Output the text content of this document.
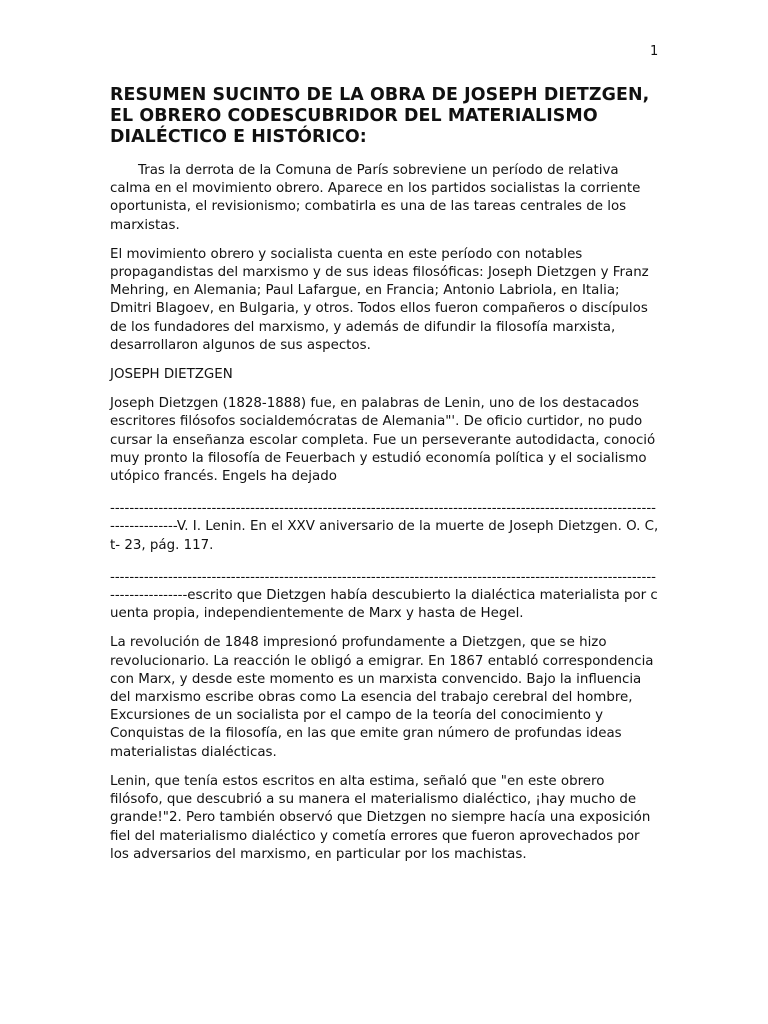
1
RESUMEN SUCINTO DE LA OBRA DE JOSEPH DIETZGEN, EL OBRERO CODESCUBRIDOR DEL MATERIALISMO DIALÉCTICO E HISTÓRICO:

Tras la derrota de la Comuna de París sobreviene un período de relativa calma en el movimiento obrero. Aparece en los partidos socialistas la corriente oportunista, el revisionismo; combatirla es una de las tareas centrales de los marxistas.

El movimiento obrero y socialista cuenta en este período con notables propagandistas del marxismo y de sus ideas filosóficas: Joseph Dietzgen y Franz Mehring, en Alemania; Paul Lafargue, en Francia; Antonio Labriola, en Italia; Dmitri Blagoev, en Bulgaria, y otros. Todos ellos fueron compañeros o discípulos de los fundadores del marxismo, y además de difundir la filosofía marxista, desarrollaron algunos de sus aspectos.

JOSEPH DIETZGEN

Joseph Dietzgen (1828-1888) fue, en palabras de Lenin, uno de los destacados escritores filósofos socialdemócratas de Alemania"'. De oficio curtidor, no pudo cursar la enseñanza escolar completa. Fue un perseverante autodidacta, conoció muy pronto la filosofía de Feuerbach y estudió economía política y el socialismo utópico francés. Engels ha dejado

-------------------------------------------------------------------------------------------------------------------------------V. I. Lenin. En el XXV aniversario de la muerte de Joseph Dietzgen. O. C, t- 23, pág. 117.

---------------------------------------------------------------------------------------------------------------------------------escrito que Dietzgen había descubierto la dialéctica materialista por cuenta propia, independientemente de Marx y hasta de Hegel.

La revolución de 1848 impresionó profundamente a Dietzgen, que se hizo revolucionario. La reacción le obligó a emigrar. En 1867 entabló correspondencia con Marx, y desde este momento es un marxista convencido. Bajo la influencia del marxismo escribe obras como La esencia del trabajo cerebral del hombre, Excursiones de un socialista por el campo de la teoría del conocimiento y Conquistas de la filosofía, en las que emite gran número de profundas ideas materialistas dialécticas.

Lenin, que tenía estos escritos en alta estima, señaló que "en este obrero filósofo, que descubrió a su manera el materialismo dialéctico, ¡hay mucho de grande!"2. Pero también observó que Dietzgen no siempre hacía una exposición fiel del materialismo dialéctico y cometía errores que fueron aprovechados por los adversarios del marxismo, en particular por los machistas.
